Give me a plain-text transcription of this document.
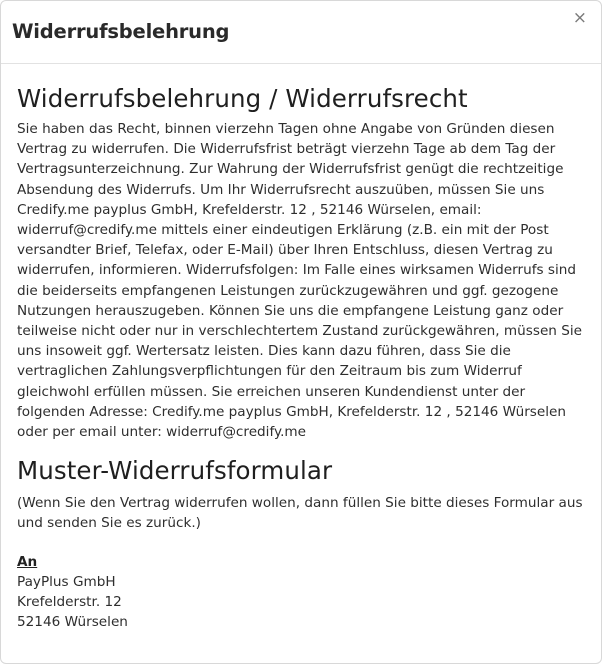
Widerrufsbelehrung
×
Widerrufsbelehrung / Widerrufsrecht

Sie haben das Recht, binnen vierzehn Tagen ohne Angabe von Gründen diesen Vertrag zu widerrufen. Die Widerrufsfrist beträgt vierzehn Tage ab dem Tag der Vertragsunterzeichnung. Zur Wahrung der Widerrufsfrist genügt die rechtzeitige Absendung des Widerrufs. Um Ihr Widerrufsrecht auszuüben, müssen Sie uns Credify.me payplus GmbH, Krefelderstr. 12 , 52146 Würselen, email: widerruf@credify.me mittels einer eindeutigen Erklärung (z.B. ein mit der Post versandter Brief, Telefax, oder E-Mail) über Ihren Entschluss, diesen Vertrag zu widerrufen, informieren. Widerrufsfolgen: Im Falle eines wirksamen Widerrufs sind die beiderseits empfangenen Leistungen zurückzugewähren und ggf. gezogene Nutzungen herauszugeben. Können Sie uns die empfangene Leistung ganz oder teilweise nicht oder nur in verschlechtertem Zustand zurückgewähren, müssen Sie uns insoweit ggf. Wertersatz leisten. Dies kann dazu führen, dass Sie die vertraglichen Zahlungsverpflichtungen für den Zeitraum bis zum Widerruf gleichwohl erfüllen müssen. Sie erreichen unseren Kundendienst unter der folgenden Adresse: Credify.me payplus GmbH, Krefelderstr. 12 , 52146 Würselen oder per email unter: widerruf@credify.me

Muster-Widerrufsformular

(Wenn Sie den Vertrag widerrufen wollen, dann füllen Sie bitte dieses Formular aus und senden Sie es zurück.)

An
PayPlus GmbH
Krefelderstr. 12
52146 Würselen
